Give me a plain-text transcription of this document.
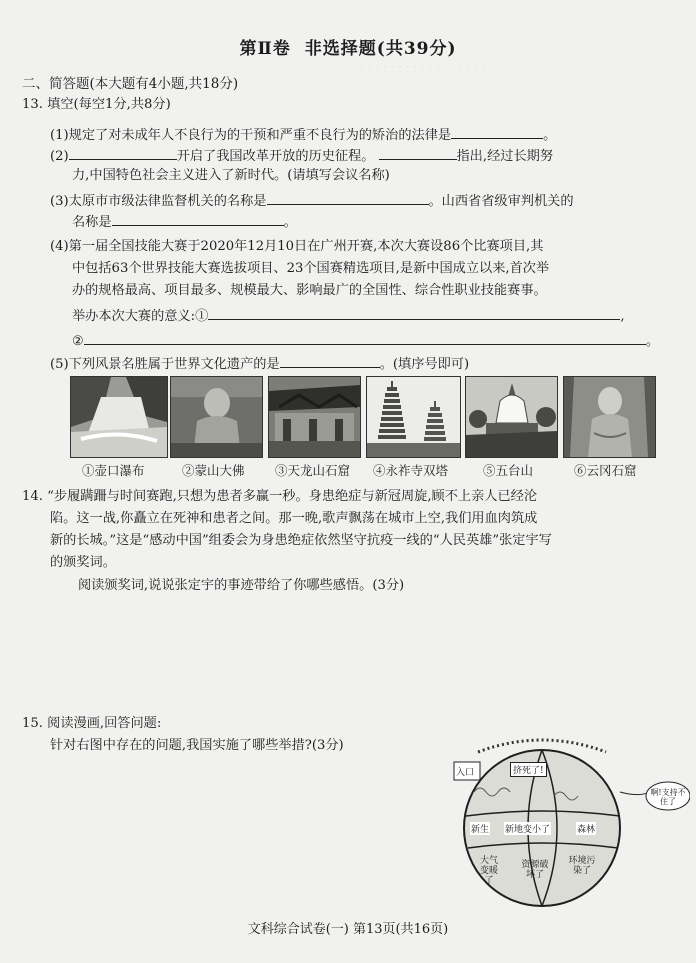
· · · · · · · · · · · · · · · · ·
第Ⅱ卷 非选择题(共39分)
二、简答题(本大题有4小题,共18分)
13. 填空(每空1分,共8分)
(1)规定了对未成年人不良行为的干预和严重不良行为的矫治的法律是	。
(2)	开启了我国改革开放的历史征程。	指出,经过长期努
力,中国特色社会主义进入了新时代。(请填写会议名称)
(3)太原市市级法律监督机关的名称是	。山西省省级审判机关的
名称是	。
(4)第一届全国技能大赛于2020年12月10日在广州开赛,本次大赛设86个比赛项目,其
中包括63个世界技能大赛选拔项目、23个国赛精选项目,是新中国成立以来,首次举
办的规格最高、项目最多、规模最大、影响最广的全国性、综合性职业技能赛事。
举办本次大赛的意义:①	,
②	。
(5)下列风景名胜属于世界文化遗产的是	。(填序号即可)
①壶口瀑布	②蒙山大佛 ③天龙山石窟 ④永祚寺双塔	⑤五台山	⑥云冈石窟
14. “步履蹒跚与时间赛跑,只想为患者多赢一秒。身患绝症与新冠周旋,顾不上亲人已经沦
陷。这一战,你矗立在死神和患者之间。那一晚,歌声飘荡在城市上空,我们用血肉筑成
新的长城。”这是“感动中国”组委会为身患绝症依然坚守抗疫一线的“人民英雄”张定宇写
的颁奖词。
阅读颁奖词,说说张定宇的事迹带给了你哪些感悟。(3分)
15. 阅读漫画,回答问题:
针对右图中存在的问题,我国实施了哪些举措?(3分)
入口	挤死了!
啊!支持不住了
新生 新地变小了	森林
大气变暖了
资源破坏了
环境污染了
文科综合试卷(一) 第13页(共16页)
